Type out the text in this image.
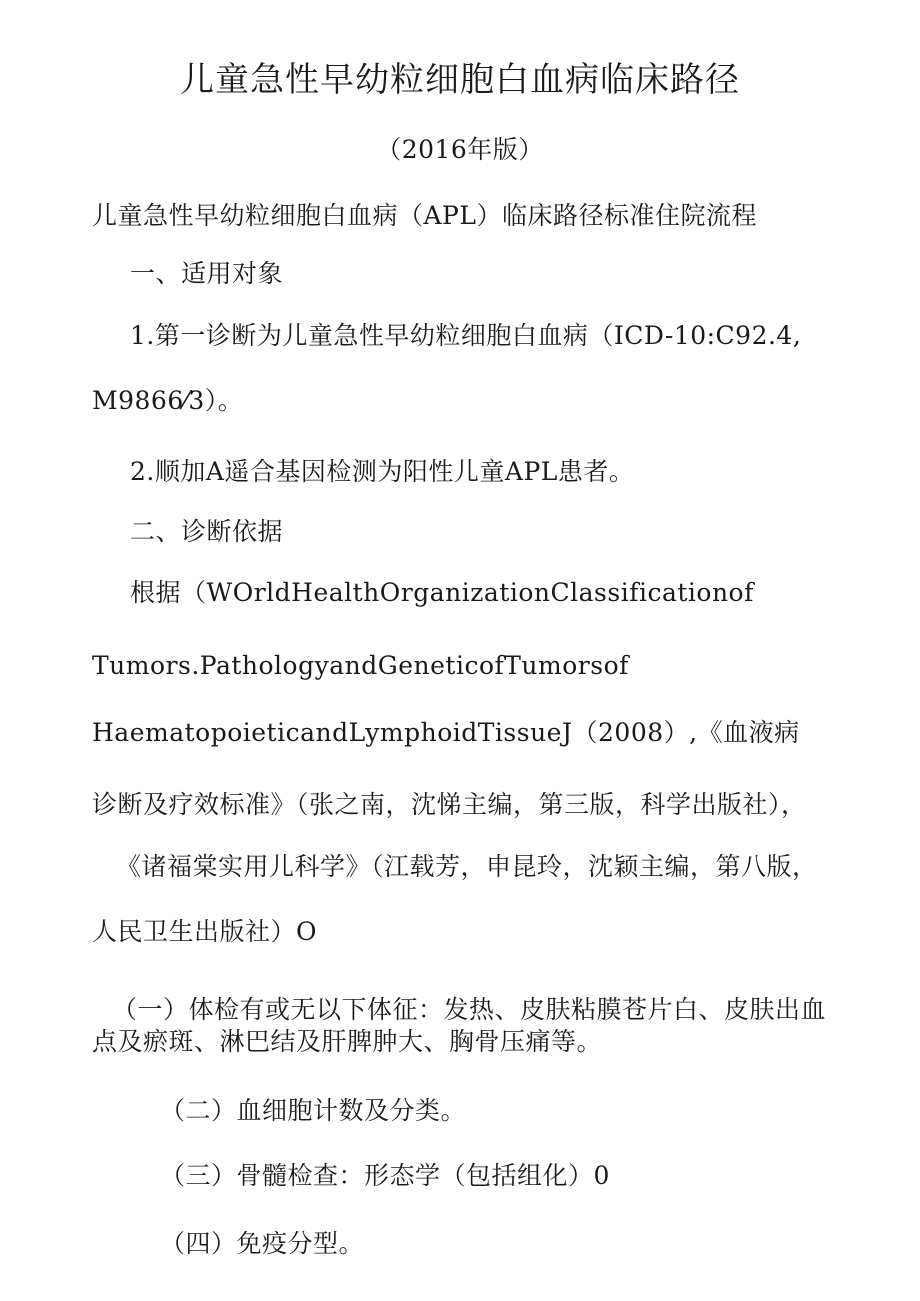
儿童急性早幼粒细胞白血病临床路径
（2016年版）
儿童急性早幼粒细胞白血病（APL）临床路径标准住院流程
一、适用对象
1.第一诊断为儿童急性早幼粒细胞白血病（ICD-10:C92.4,
M9866⁄3）。
2.顺加A遥合基因检测为阳性儿童APL患者。
二、诊断依据
根据（WOrldHealthOrganizationClassificationof
Tumors.PathologyandGeneticofTumorsof
HaematopoieticandLymphoidTissueJ（2008）,《血液病
诊断及疗效标准》（张之南，沈悌主编，第三版，科学出版社），
《诸福棠实用儿科学》（江载芳，申昆玲，沈颖主编，第八版，
人民卫生出版社）O
（一）体检有或无以下体征：发热、皮肤粘膜苍片白、皮肤出血点及瘀斑、淋巴结及肝脾肿大、胸骨压痛等。
（二）血细胞计数及分类。
（三）骨髓检查：形态学（包括组化）0
（四）免疫分型。
